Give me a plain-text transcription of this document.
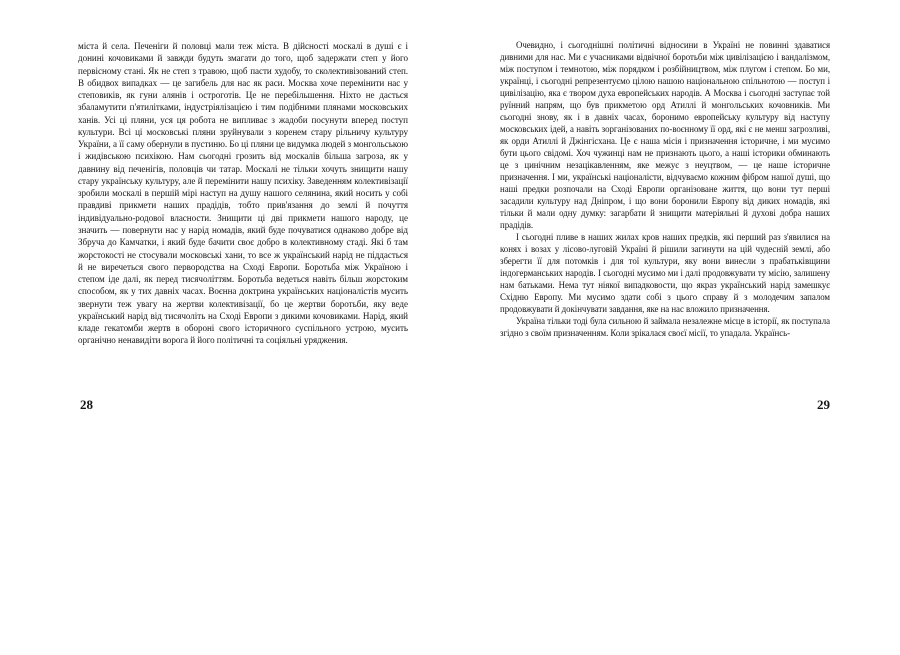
міста й села. Печеніги й половці мали теж міста. В дійсності москалі в душі є і донині кочовиками й завжди будуть змагати до того, щоб задержати степ у його первісному стані. Як не степ з травою, щоб пасти худобу, то сколективізований степ. В обидвох випадках — це загибель для нас як раси. Москва хоче перемінити нас у степовиків, як гуни алянів і остроготів. Це не перебільшення. Ніхто не дасться збаламутити п'ятилітками, індустріялізацією і тим подібними плянами московських ханів. Усі ці пляни, уся ця робота не випливає з жадоби посунути вперед поступ культури. Всі ці московські пляни зруйнували з коренем стару рільничу культуру України, а її саму обернули в пустиню. Бо ці пляни це видумка людей з монгольською і жидівською психікою. Нам сьогодні грозить від москалів більша загроза, як у давнину від печенігів, половців чи татар. Москалі не тільки хочуть знищити нашу стару українську культуру, але й перемінити нашу психіку. Заведенням колективізації зробили москалі в першій мірі наступ на душу нашого селянина, який носить у собі правдиві прикмети наших прадідів, тобто прив'язання до землі й почуття індивідуально-родової власности. Знищити ці дві прикмети нашого народу, це значить — повернути нас у нарід номадів, який буде почуватися однаково добре від Збруча до Камчатки, і який буде бачити своє добро в колективному стаді. Які б там жорстокості не стосували московські хани, то все ж український нарід не піддасться й не виречеться свого первородства на Сході Европи. Боротьба між Україною і степом іде далі, як перед тисячоліттям. Боротьба ведеться навіть більш жорстоким способом, як у тих давніх часах. Воєнна доктрина українських націоналістів мусить звернути теж увагу на жертви колективізації, бо це жертви боротьби, яку веде український нарід від тисячоліть на Сході Европи з дикими кочовиками. Нарід, який кладе гекатомби жертв в обороні свого історичного суспільного устрою, мусить органічно ненавидіти ворога й його політичні та соціяльні уряджения.

28

Очевидно, і сьогоднішні політичні відносини в Україні не повинні здаватися дивними для нас. Ми є учасниками відвічної боротьби між цивілізацією і вандалізмом, між поступом і темнотою, між порядком і розбійництвом, між плугом і степом. Бо ми, українці, і сьогодні репрезентуємо цілою нашою національною спільнотою — поступ і цивілізацію, яка є твором духа европейських народів. А Москва і сьогодні заступає той руїнний напрям, що був прикметою орд Атиллі й монгольських кочовників. Ми сьогодні знову, як і в давніх часах, боронимо европейську культуру від наступу московських ідей, а навіть зорганізованих по-воєнному її орд, які є не менш загрозливі, як орди Атиллі й Джінгісхана. Це є наша місія і призначення історичне, і ми мусимо бути цього свідомі. Хоч чужинці нам не признають цього, а наші історики обминають це з цинічним незацікавленням, яке межує з неуцтвом, — це наше історичне призначення. І ми, українські націоналісти, відчуваємо кожним фібром нашої душі, що наші предки розпочали на Сході Европи організоване життя, що вони тут перші засадили культуру над Дніпром, і що вони боронили Европу від диких номадів, які тільки й мали одну думку: загарбати й знищити матеріяльні й духові добра наших прадідів.

І сьогодні пливе в наших жилах кров наших предків, які перший раз з'явилися на конях і возах у лісово-луговій Україні й рішили загинути на цій чудесній землі, або зберегти її для потомків і для тої культури, яку вони винесли з прабатьківщини індогерманських народів. І сьогодні мусимо ми і далі продовжувати ту місію, залишену нам батьками. Нема тут ніякої випадковости, що якраз український нарід замешкує Східню Европу. Ми мусимо здати собі з цього справу й з молодечим запалом продовжувати й докінчувати завдання, яке на нас вложило призначення.

Україна тільки тоді була сильною й займала незалежне місце в історії, як поступала згідно з своїм призначенням. Коли зрікалася своєї місії, то упадала. Українсь-

29
